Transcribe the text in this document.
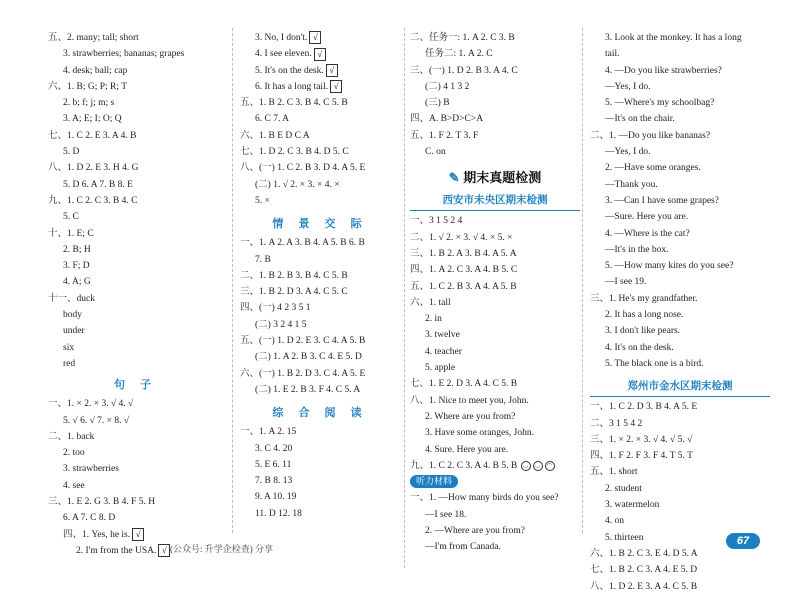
五、2. many; tall; short
3. strawberries; bananas; grapes
4. desk; ball; cap
六、1. B; G; P; R; T
2. b; f; j; m; s
3. A; E; I; O; Q
七、1. C 2. E 3. A 4. B
5. D
八、1. D 2. E 3. H 4. G
5. D 6. A 7. B 8. E
九、1. C 2. C 3. B 4. C
5. C
十、1. E; C
2. B; H
3. F; D
4. A; G
十一、duck
body
under
six
red
句 子
一、1. × 2. × 3. √ 4. √
5. √ 6. √ 7. × 8. √
二、1. back
2. too
3. strawberries
4. see
三、1. E 2. G 3. B 4. F 5. H
6. A 7. C 8. D
四、1. Yes, he is. √
2. I'm from the USA. √
3. No, I don't. √
4. I see eleven. √
5. It's on the desk. √
6. It has a long tail. √
五、1. B 2. C 3. B 4. C 5. B
6. C 7. A
六、1. B E D C A
七、1. D 2. C 3. B 4. D 5. C
八、(一) 1. C 2. B 3. D 4. A 5. E
(二) 1. √ 2. × 3. × 4. ×
5. ×
情 景 交 际
一、1. A 2. A 3. B 4. A 5. B 6. B
7. B
二、1. B 2. B 3. B 4. C 5. B
三、1. B 2. D 3. A 4. C 5. C
四、(一) 4 2 3 5 1
(二) 3 2 4 1 5
五、(一) 1. D 2. E 3. C 4. A 5. B
(二) 1. A 2. B 3. C 4. E 5. D
六、(一) 1. B 2. D 3. C 4. A 5. E
(二) 1. E 2. B 3. F 4. C 5. A
综 合 阅 读
一、1. A 2. 15
3. C 4. 20
5. E 6. 11
7. B 8. 13
9. A 10. 19
11. D 12. 18
二、任务一: 1. A 2. C 3. B
任务二: 1. A 2. C
三、(一) 1. D 2. B 3. A 4. C
(二) 4 1 3 2
(三) B
四、A. B>D>C>A
五、1. F 2. T 3. F
C. on
✎ 期末真题检测
西安市未央区期末检测
一、3 1 5 2 4
二、1. √ 2. × 3. √ 4. × 5. ×
三、1. B 2. A 3. B 4. A 5. A
四、1. A 2. C 3. A 4. B 5. C
五、1. C 2. B 3. A 4. A 5. B
六、1. tall
2. in
3. twelve
4. teacher
5. apple
七、1. E 2. D 3. A 4. C 5. B
八、1. Nice to meet you, John.
2. Where are you from?
3. Have some oranges, John.
4. Sure. Here you are.
九、1. C 2. C 3. A 4. B 5. B ◡ ◡ ◠
听力材料
一、1. —How many birds do you see?
—I see 18.
2. —Where are you from?
—I'm from Canada.
3. Look at the monkey. It has a long
tail.
4. —Do you like strawberries?
—Yes, I do.
5. —Where's my schoolbag?
—It's on the chair.
二、1. —Do you like bananas?
—Yes, I do.
2. —Have some oranges.
—Thank you.
3. —Can I have some grapes?
—Sure. Here you are.
4. —Where is the cat?
—It's in the box.
5. —How many kites do you see?
—I see 19.
三、1. He's my grandfather.
2. It has a long nose.
3. I don't like pears.
4. It's on the desk.
5. The black one is a bird.
郑州市金水区期末检测
一、1. C 2. D 3. B 4. A 5. E
二、3 1 5 4 2
三、1. × 2. × 3. √ 4. √ 5. √
四、1. F 2. F 3. F 4. T 5. T
五、1. short
2. student
3. watermelon
4. on
5. thirteen
六、1. B 2. C 3. E 4. D 5. A
七、1. B 2. C 3. A 4. E 5. D
八、1. D 2. E 3. A 4. C 5. B
(公众号: 升学企检查) 分享
67
